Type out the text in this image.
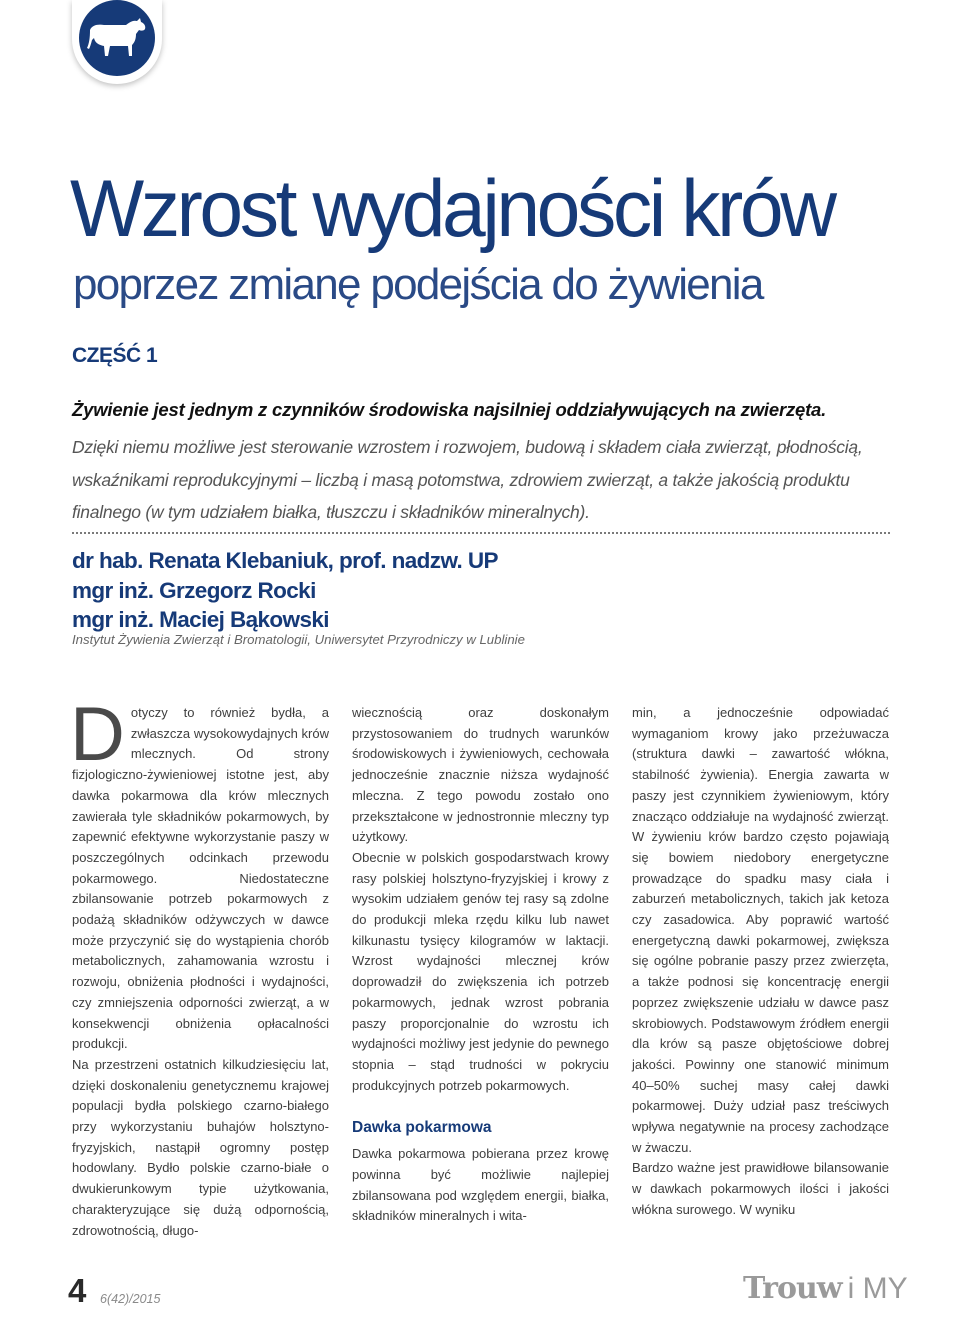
Wzrost wydajności krów
poprzez zmianę podejścia do żywienia
CZĘŚĆ 1
Żywienie jest jednym z czynników środowiska najsilniej oddziaływujących na zwierzęta.
Dzięki niemu możliwe jest sterowanie wzrostem i rozwojem, budową i składem ciała zwierząt, płodnością, wskaźnikami reprodukcyjnymi – liczbą i masą potomstwa, zdrowiem zwierząt, a także jakością produktu finalnego (w tym udziałem białka, tłuszczu i składników mineralnych).
dr hab. Renata Klebaniuk, prof. nadzw. UP
mgr inż. Grzegorz Rocki
mgr inż. Maciej Bąkowski
Instytut Żywienia Zwierząt i Bromatologii, Uniwersytet Przyrodniczy w Lublinie
D otyczy to również bydła, a zwłaszcza wysokowydajnych krów mlecznych. Od strony fizjologiczno-żywieniowej istotne jest, aby dawka pokarmowa dla krów mlecznych zawierała tyle składników pokarmowych, by zapewnić efektywne wykorzystanie paszy w poszczególnych odcinkach przewodu pokarmowego. Niedostateczne zbilansowanie potrzeb pokarmowych z podażą składników odżywczych w dawce może przyczynić się do wystąpienia chorób metabolicznych, zahamowania wzrostu i rozwoju, obniżenia płodności i wydajności, czy zmniejszenia odporności zwierząt, a w konsekwencji obniżenia opłacalności produkcji.

Na przestrzeni ostatnich kilkudziesięciu lat, dzięki doskonaleniu genetycznemu krajowej populacji bydła polskiego czarno-białego przy wykorzystaniu buhajów holsztyno-fryzyjskich, nastąpił ogromny postęp hodowlany. Bydło polskie czarno-białe o dwukierunkowym typie użytkowania, charakteryzujące się dużą odpornością, zdrowotnością, długo-

wiecznością oraz doskonałym przystosowaniem do trudnych warunków środowiskowych i żywieniowych, cechowała jednocześnie znacznie niższa wydajność mleczna. Z tego powodu zostało ono przekształcone w jednostronnie mleczny typ użytkowy.

Obecnie w polskich gospodarstwach krowy rasy polskiej holsztyno-fryzyjskiej i krowy z wysokim udziałem genów tej rasy są zdolne do produkcji mleka rzędu kilku lub nawet kilkunastu tysięcy kilogramów w laktacji. Wzrost wydajności mlecznej krów doprowadził do zwiększenia ich potrzeb pokarmowych, jednak wzrost pobrania paszy proporcjonalnie do wzrostu ich wydajności możliwy jest jedynie do pewnego stopnia – stąd trudności w pokryciu produkcyjnych potrzeb pokarmowych.

Dawka pokarmowa

Dawka pokarmowa pobierana przez krowę powinna być możliwie najlepiej zbilansowana pod względem energii, białka, składników mineralnych i wita-

min, a jednocześnie odpowiadać wymaganiom krowy jako przeżuwacza (struktura dawki – zawartość włókna, stabilność żywienia). Energia zawarta w paszy jest czynnikiem żywieniowym, który znacząco oddziałuje na wydajność zwierząt. W żywieniu krów bardzo często pojawiają się bowiem niedobory energetyczne prowadzące do spadku masy ciała i zaburzeń metabolicznych, takich jak ketoza czy zasadowica. Aby poprawić wartość energetyczną dawki pokarmowej, zwiększa się ogólne pobranie paszy przez zwierzęta, a także podnosi się koncentrację energii poprzez zwiększenie udziału w dawce pasz skrobiowych. Podstawowym źródłem energii dla krów są pasze objętościowe dobrej jakości. Powinny one stanowić minimum 40–50% suchej masy całej dawki pokarmowej. Duży udział pasz treściwych wpływa negatywnie na procesy zachodzące w żwaczu.

Bardzo ważne jest prawidłowe bilansowanie w dawkach pokarmowych ilości i jakości włókna surowego. W wyniku

4 6(42)/2015	Trouw i MY
